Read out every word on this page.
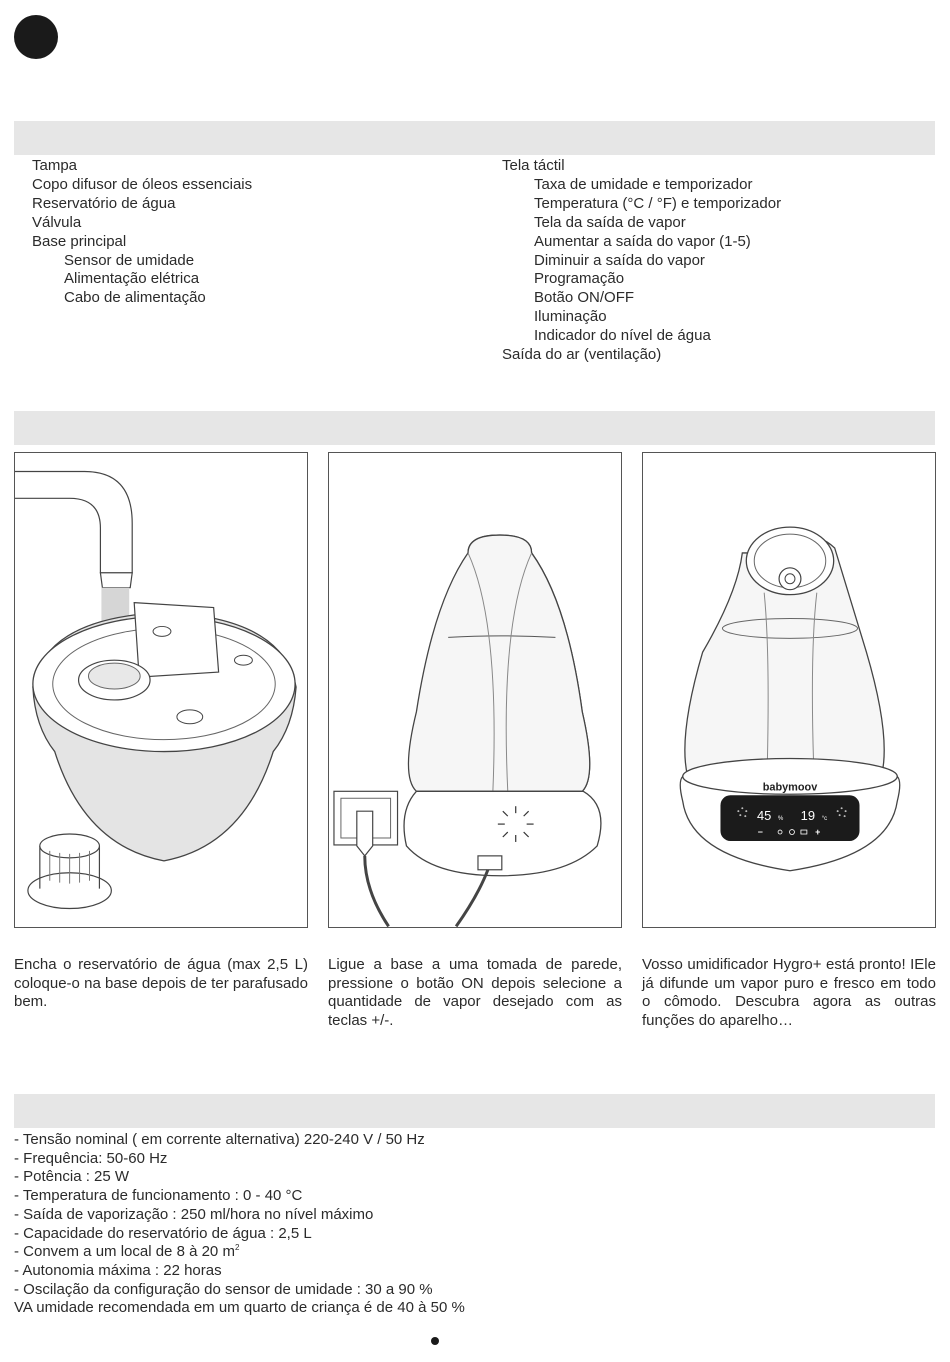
Tampa
Copo difusor de óleos essenciais
Reservatório de água
Válvula
Base principal
Sensor de umidade
Alimentação elétrica
Cabo de alimentação
Tela táctil
Taxa de umidade e temporizador
Temperatura (°C / °F) e temporizador
Tela da saída de vapor
Aumentar a saída do vapor (1-5)
Diminuir a saída do vapor
Programação
Botão ON/OFF
Iluminação
Indicador do nível de água
Saída do ar (ventilação)
babymoov
45 % 19 °c
−	+
Encha o reservatório de água (max 2,5 L) coloque-o na base depois de ter parafusado bem.
Ligue a base a uma tomada de parede, pressione o botão ON depois selecione a quantidade de vapor desejado com as teclas +/-.
Vosso umidificador Hygro+ está pronto! IEle já difunde um vapor puro e fresco em todo o cômodo. Descubra agora as outras funções do aparelho…
- Tensão nominal ( em corrente alternativa) 220-240 V / 50 Hz
- Frequência: 50-60 Hz
- Potência : 25 W
- Temperatura de funcionamento : 0 - 40 °C
- Saída de vaporização : 250 ml/hora no nível máximo
- Capacidade do reservatório de água : 2,5 L
- Convem a um local de 8 à 20 $m^2$
- Autonomia máxima : 22 horas
- Oscilação da configuração do sensor de umidade : 30 a 90 %
VA umidade recomendada em um quarto de criança é de 40 à 50 %
